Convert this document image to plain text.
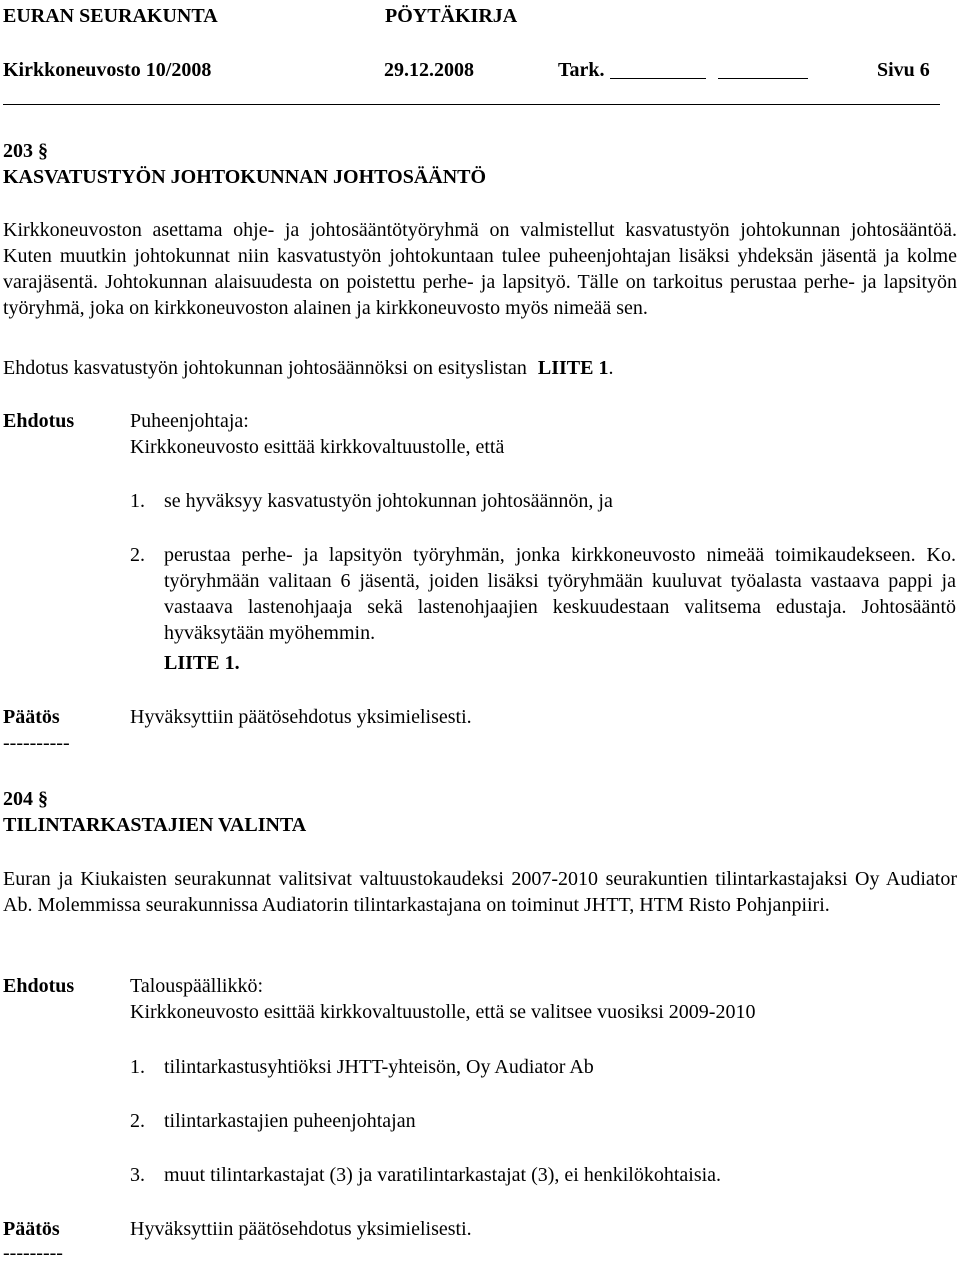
EURAN SEURAKUNTA	PÖYTÄKIRJA
Kirkkoneuvosto 10/2008	29.12.2008	Tark.	Sivu 6
203 §
KASVATUSTYÖN JOHTOKUNNAN JOHTOSÄÄNTÖ
Kirkkoneuvoston asettama ohje- ja johtosääntötyöryhmä on valmistellut kasvatustyön johtokunnan johtosääntöä. Kuten muutkin johtokunnat niin kasvatustyön johtokuntaan tulee puheenjohtajan lisäksi yhdeksän jäsentä ja kolme varajäsentä. Johtokunnan alaisuudesta on poistettu perhe- ja lapsityö. Tälle on tarkoitus perustaa perhe- ja lapsityön työryhmä, joka on kirkkoneuvoston alainen ja kirkkoneuvosto myös nimeää sen.
Ehdotus kasvatustyön johtokunnan johtosäännöksi on esityslistan LIITE 1.
Ehdotus	Puheenjohtaja:
Kirkkoneuvosto esittää kirkkovaltuustolle, että
1. se hyväksyy kasvatustyön johtokunnan johtosäännön, ja
2. perustaa perhe- ja lapsityön työryhmän, jonka kirkkoneuvosto nimeää toimikaudekseen. Ko. työryhmään valitaan 6 jäsentä, joiden lisäksi työryhmään kuuluvat työalasta vastaava pappi ja vastaava lastenohjaaja sekä lastenohjaajien keskuudestaan valitsema edustaja. Johtosääntö hyväksytään myöhemmin.
LIITE 1.
Päätös	Hyväksyttiin päätösehdotus yksimielisesti.
----------
204 §
TILINTARKASTAJIEN VALINTA
Euran ja Kiukaisten seurakunnat valitsivat valtuustokaudeksi 2007-2010 seurakuntien tilintarkastajaksi Oy Audiator Ab. Molemmissa seurakunnissa Audiatorin tilintarkastajana on toiminut JHTT, HTM Risto Pohjanpiiri.
Ehdotus	Talouspäällikkö:
Kirkkoneuvosto esittää kirkkovaltuustolle, että se valitsee vuosiksi 2009-2010
1. tilintarkastusyhtiöksi JHTT-yhteisön, Oy Audiator Ab
2. tilintarkastajien puheenjohtajan
3. muut tilintarkastajat (3) ja varatilintarkastajat (3), ei henkilökohtaisia.
Päätös	Hyväksyttiin päätösehdotus yksimielisesti.
---------
